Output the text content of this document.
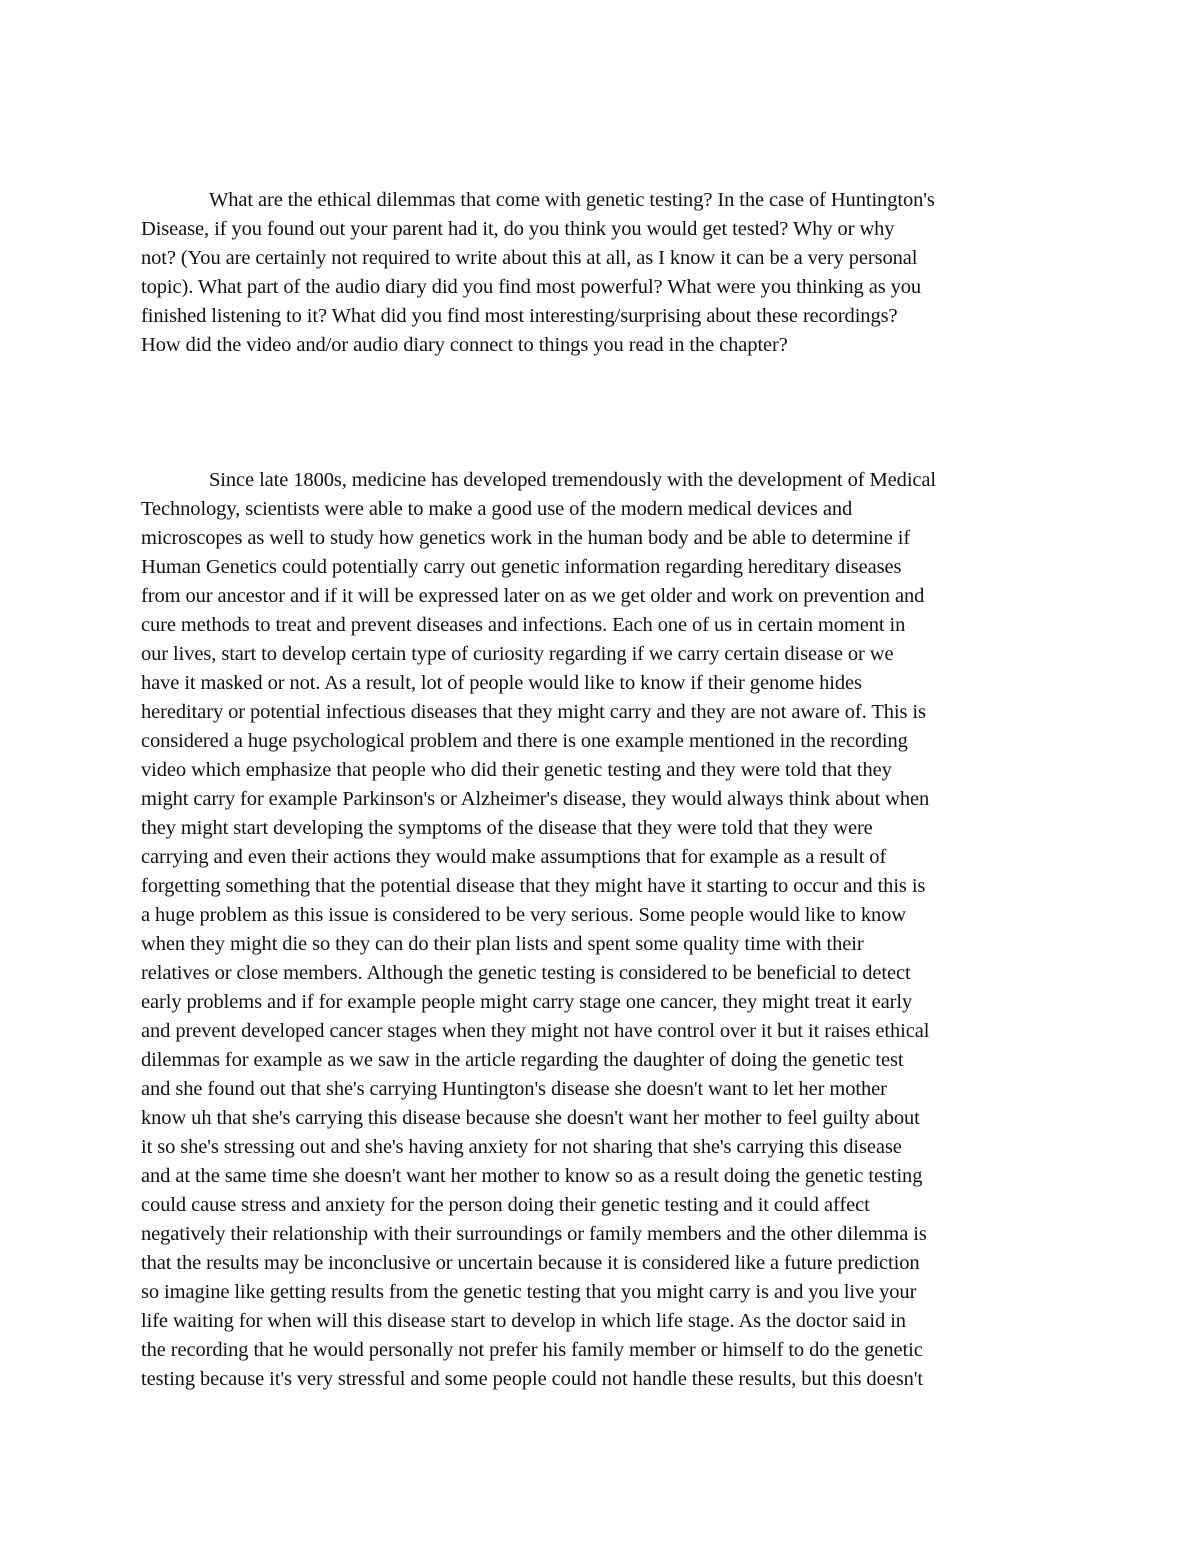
What are the ethical dilemmas that come with genetic testing? In the case of Huntington's
Disease, if you found out your parent had it, do you think you would get tested? Why or why
not? (You are certainly not required to write about this at all, as I know it can be a very personal
topic). What part of the audio diary did you find most powerful? What were you thinking as you
finished listening to it? What did you find most interesting/surprising about these recordings?
How did the video and/or audio diary connect to things you read in the chapter?
Since late 1800s, medicine has developed tremendously with the development of Medical
Technology, scientists were able to make a good use of the modern medical devices and
microscopes as well to study how genetics work in the human body and be able to determine if
Human Genetics could potentially carry out genetic information regarding hereditary diseases
from our ancestor and if it will be expressed later on as we get older and work on prevention and
cure methods to treat and prevent diseases and infections. Each one of us in certain moment in
our lives, start to develop certain type of curiosity regarding if we carry certain disease or we
have it masked or not. As a result, lot of people would like to know if their genome hides
hereditary or potential infectious diseases that they might carry and they are not aware of. This is
considered a huge psychological problem and there is one example mentioned in the recording
video which emphasize that people who did their genetic testing and they were told that they
might carry for example Parkinson's or Alzheimer's disease, they would always think about when
they might start developing the symptoms of the disease that they were told that they were
carrying and even their actions they would make assumptions that for example as a result of
forgetting something that the potential disease that they might have it starting to occur and this is
a huge problem as this issue is considered to be very serious. Some people would like to know
when they might die so they can do their plan lists and spent some quality time with their
relatives or close members. Although the genetic testing is considered to be beneficial to detect
early problems and if for example people might carry stage one cancer, they might treat it early
and prevent developed cancer stages when they might not have control over it but it raises ethical
dilemmas for example as we saw in the article regarding the daughter of doing the genetic test
and she found out that she's carrying Huntington's disease she doesn't want to let her mother
know uh that she's carrying this disease because she doesn't want her mother to feel guilty about
it so she's stressing out and she's having anxiety for not sharing that she's carrying this disease
and at the same time she doesn't want her mother to know so as a result doing the genetic testing
could cause stress and anxiety for the person doing their genetic testing and it could affect
negatively their relationship with their surroundings or family members and the other dilemma is
that the results may be inconclusive or uncertain because it is considered like a future prediction
so imagine like getting results from the genetic testing that you might carry is and you live your
life waiting for when will this disease start to develop in which life stage. As the doctor said in
the recording that he would personally not prefer his family member or himself to do the genetic
testing because it's very stressful and some people could not handle these results, but this doesn't
